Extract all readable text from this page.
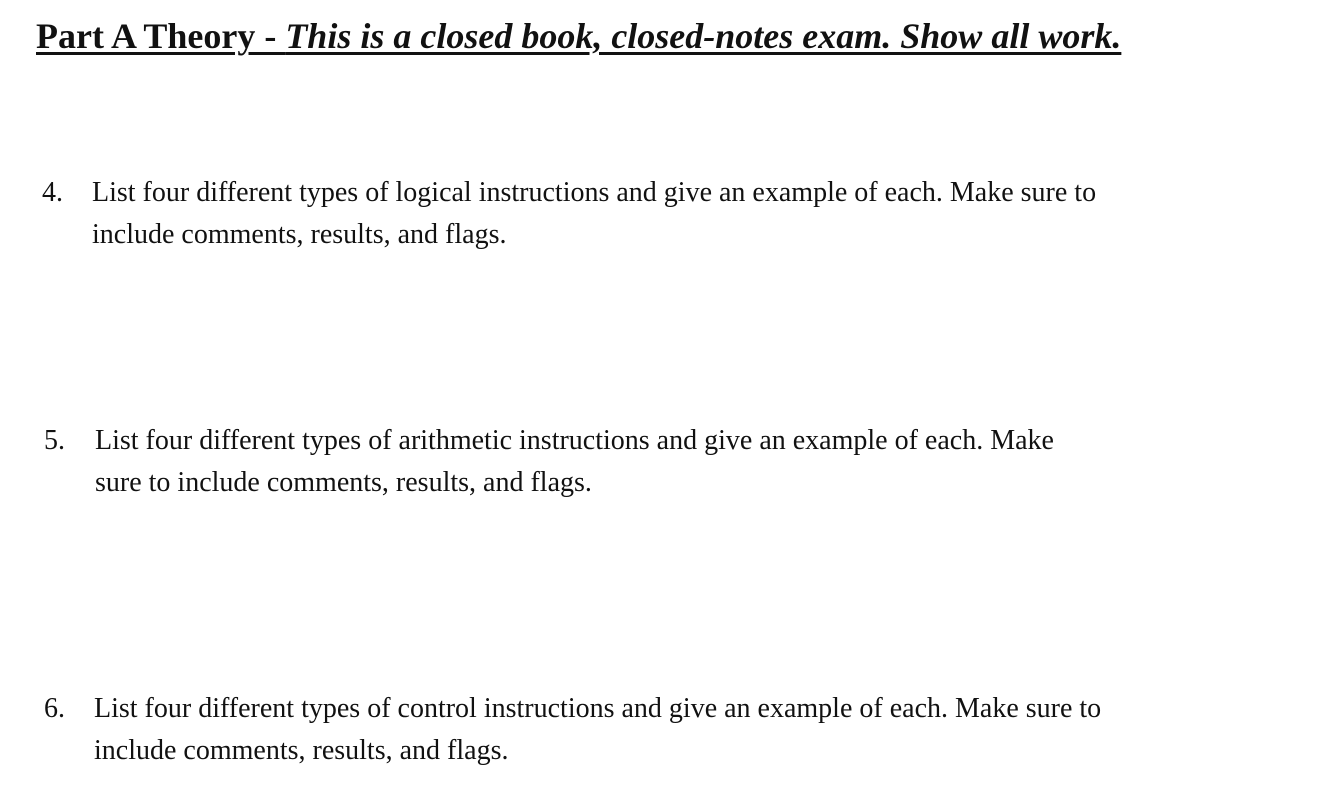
Part A Theory - This is a closed book, closed-notes exam. Show all work.
4. List four different types of logical instructions and give an example of each. Make sure to
include comments, results, and flags.
5. List four different types of arithmetic instructions and give an example of each. Make
sure to include comments, results, and flags.
6. List four different types of control instructions and give an example of each. Make sure to
include comments, results, and flags.
